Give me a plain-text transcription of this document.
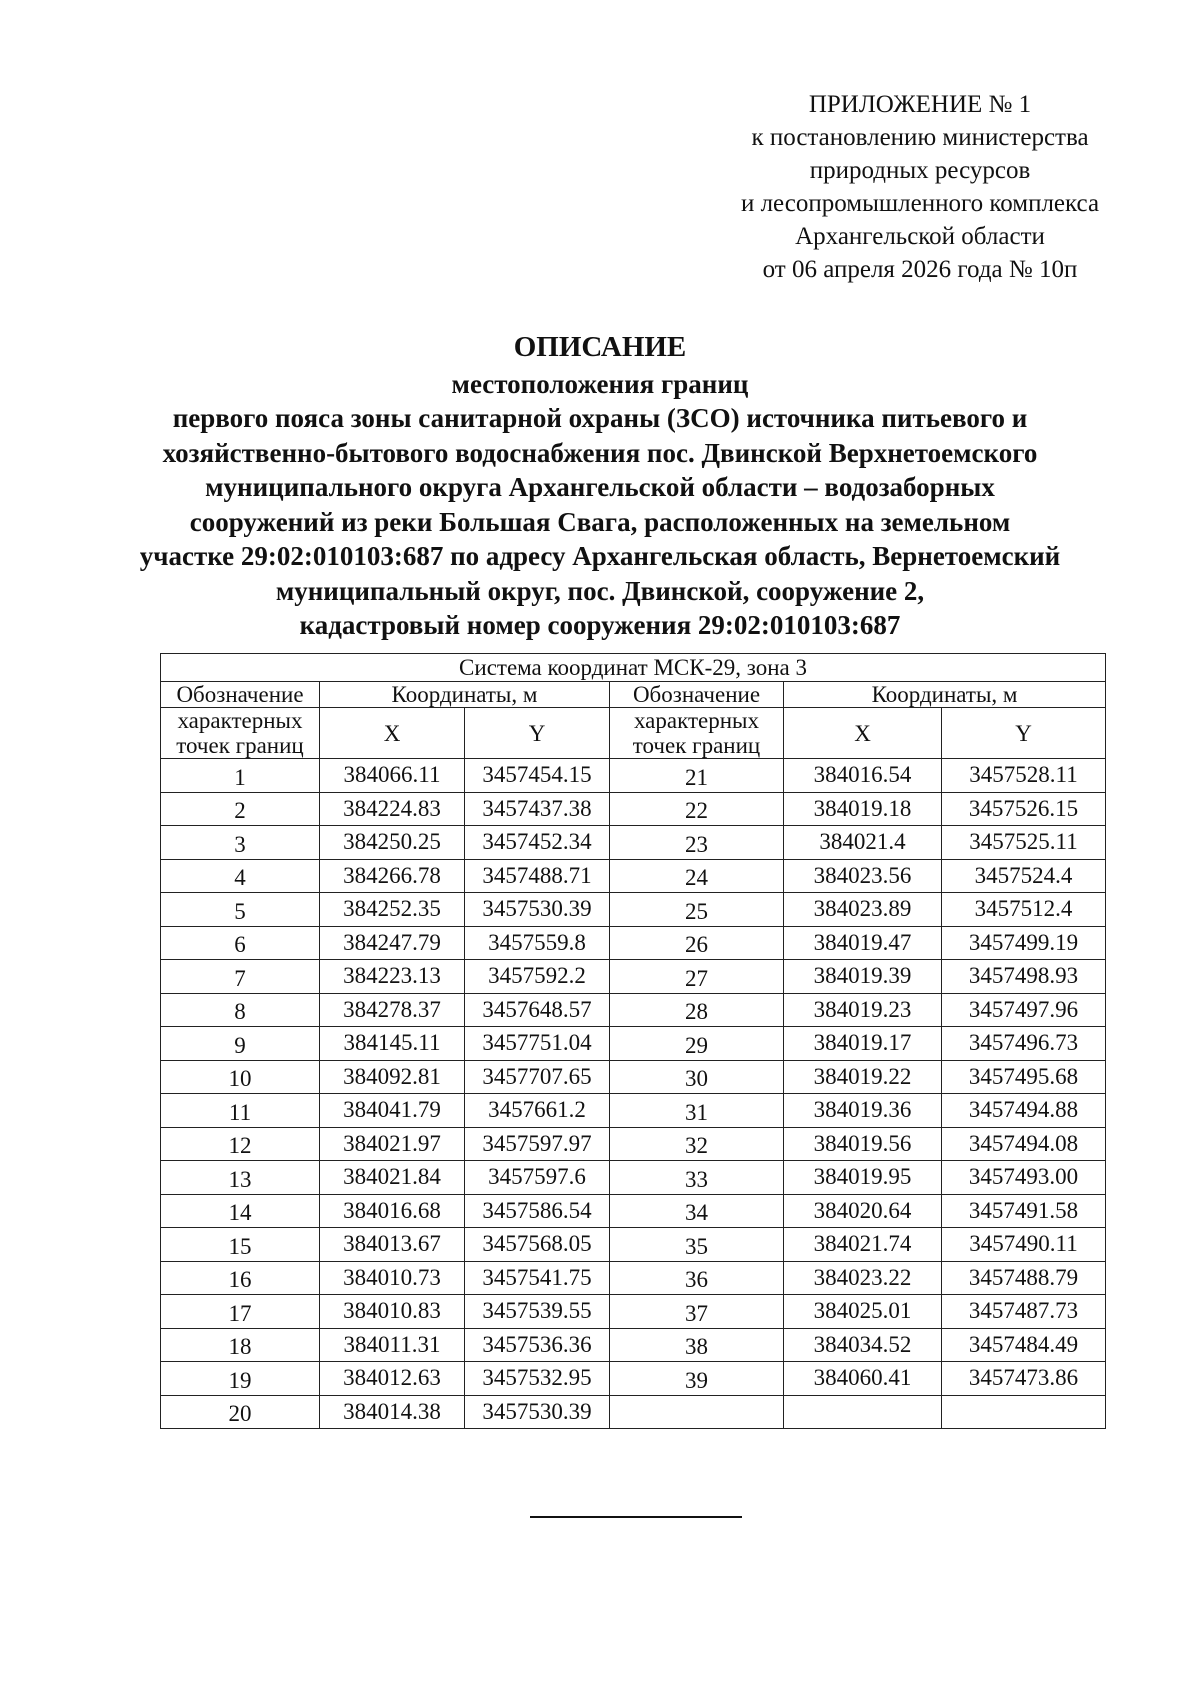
ПРИЛОЖЕНИЕ № 1
к постановлению министерства
природных ресурсов
и лесопромышленного комплекса
Архангельской области
от 06 апреля 2026 года № 10п
ОПИСАНИЕ
местоположения границ
первого пояса зоны санитарной охраны (ЗСО) источника питьевого и
хозяйственно-бытового водоснабжения пос. Двинской Верхнетоемского
муниципального округа Архангельской области – водозаборных
сооружений из реки Большая Свага, расположенных на земельном
участке 29:02:010103:687 по адресу Архангельская область, Вернетоемский
муниципальный округ, пос. Двинской, сооружение 2,
кадастровый номер сооружения 29:02:010103:687
Система координат МСК-29, зона 3					
Обозначение	Координаты, м		Обозначение	Координаты, м	
характерных точек границ	X	Y	характерных точек границ	X	Y
1	384066.11	3457454.15	21	384016.54	3457528.11
2	384224.83	3457437.38	22	384019.18	3457526.15
3	384250.25	3457452.34	23	384021.4	3457525.11
4	384266.78	3457488.71	24	384023.56	3457524.4
5	384252.35	3457530.39	25	384023.89	3457512.4
6	384247.79	3457559.8	26	384019.47	3457499.19
7	384223.13	3457592.2	27	384019.39	3457498.93
8	384278.37	3457648.57	28	384019.23	3457497.96
9	384145.11	3457751.04	29	384019.17	3457496.73
10	384092.81	3457707.65	30	384019.22	3457495.68
11	384041.79	3457661.2	31	384019.36	3457494.88
12	384021.97	3457597.97	32	384019.56	3457494.08
13	384021.84	3457597.6	33	384019.95	3457493.00
14	384016.68	3457586.54	34	384020.64	3457491.58
15	384013.67	3457568.05	35	384021.74	3457490.11
16	384010.73	3457541.75	36	384023.22	3457488.79
17	384010.83	3457539.55	37	384025.01	3457487.73
18	384011.31	3457536.36	38	384034.52	3457484.49
19	384012.63	3457532.95	39	384060.41	3457473.86
20	384014.38	3457530.39			
